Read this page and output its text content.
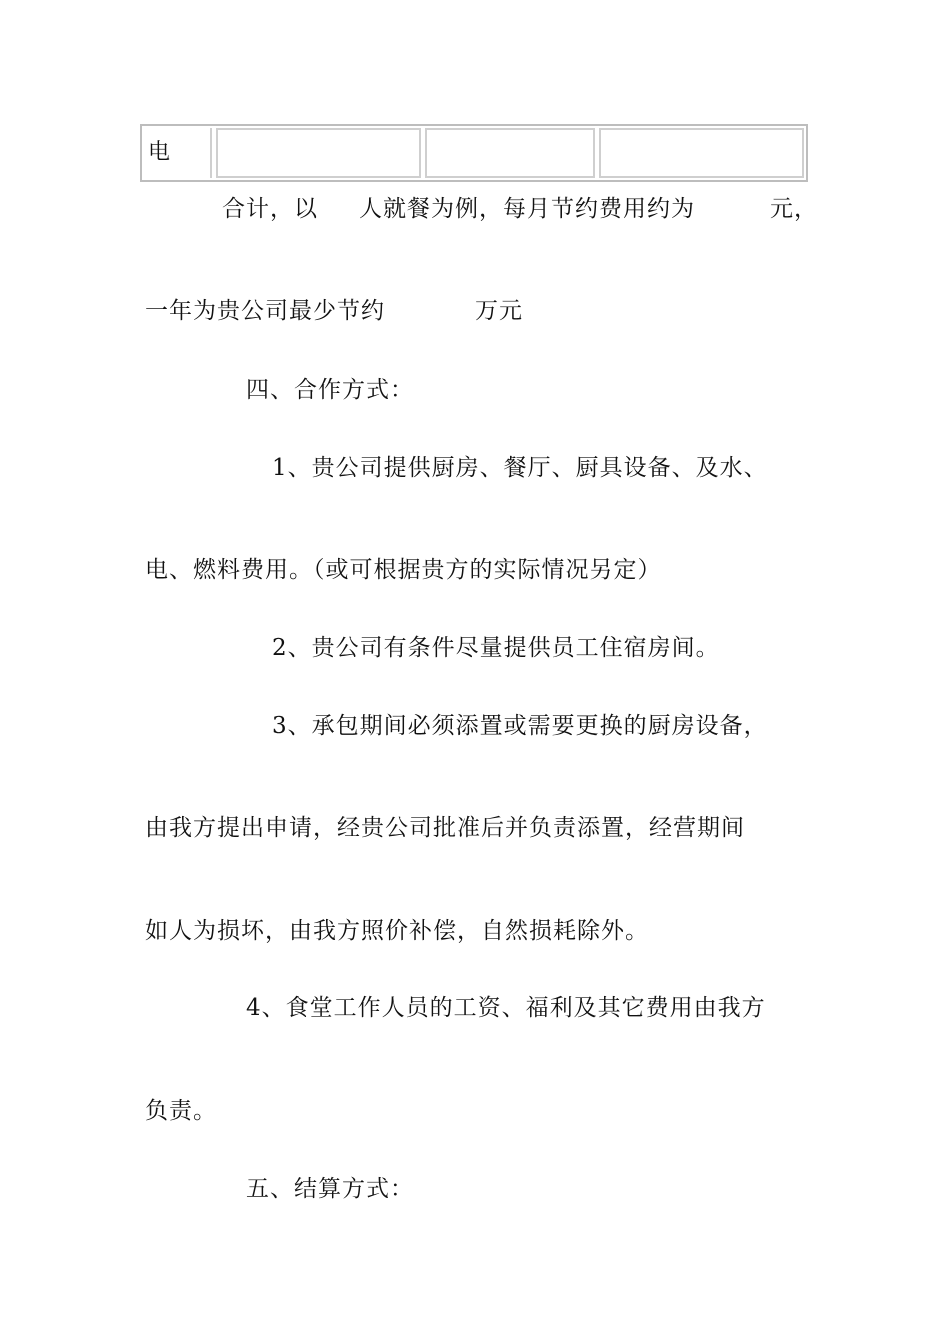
电
合计，以 人就餐为例，每月节约费用约为	元，
一年为贵公司最少节约	万元
四、合作方式：
1、贵公司提供厨房、餐厅、厨具设备、及水、
电、燃料费用。（或可根据贵方的实际情况另定）
2、贵公司有条件尽量提供员工住宿房间。
3、承包期间必须添置或需要更换的厨房设备，
由我方提出申请，经贵公司批准后并负责添置，经营期间
如人为损坏，由我方照价补偿，自然损耗除外。
4、食堂工作人员的工资、福利及其它费用由我方
负责。
五、结算方式：
